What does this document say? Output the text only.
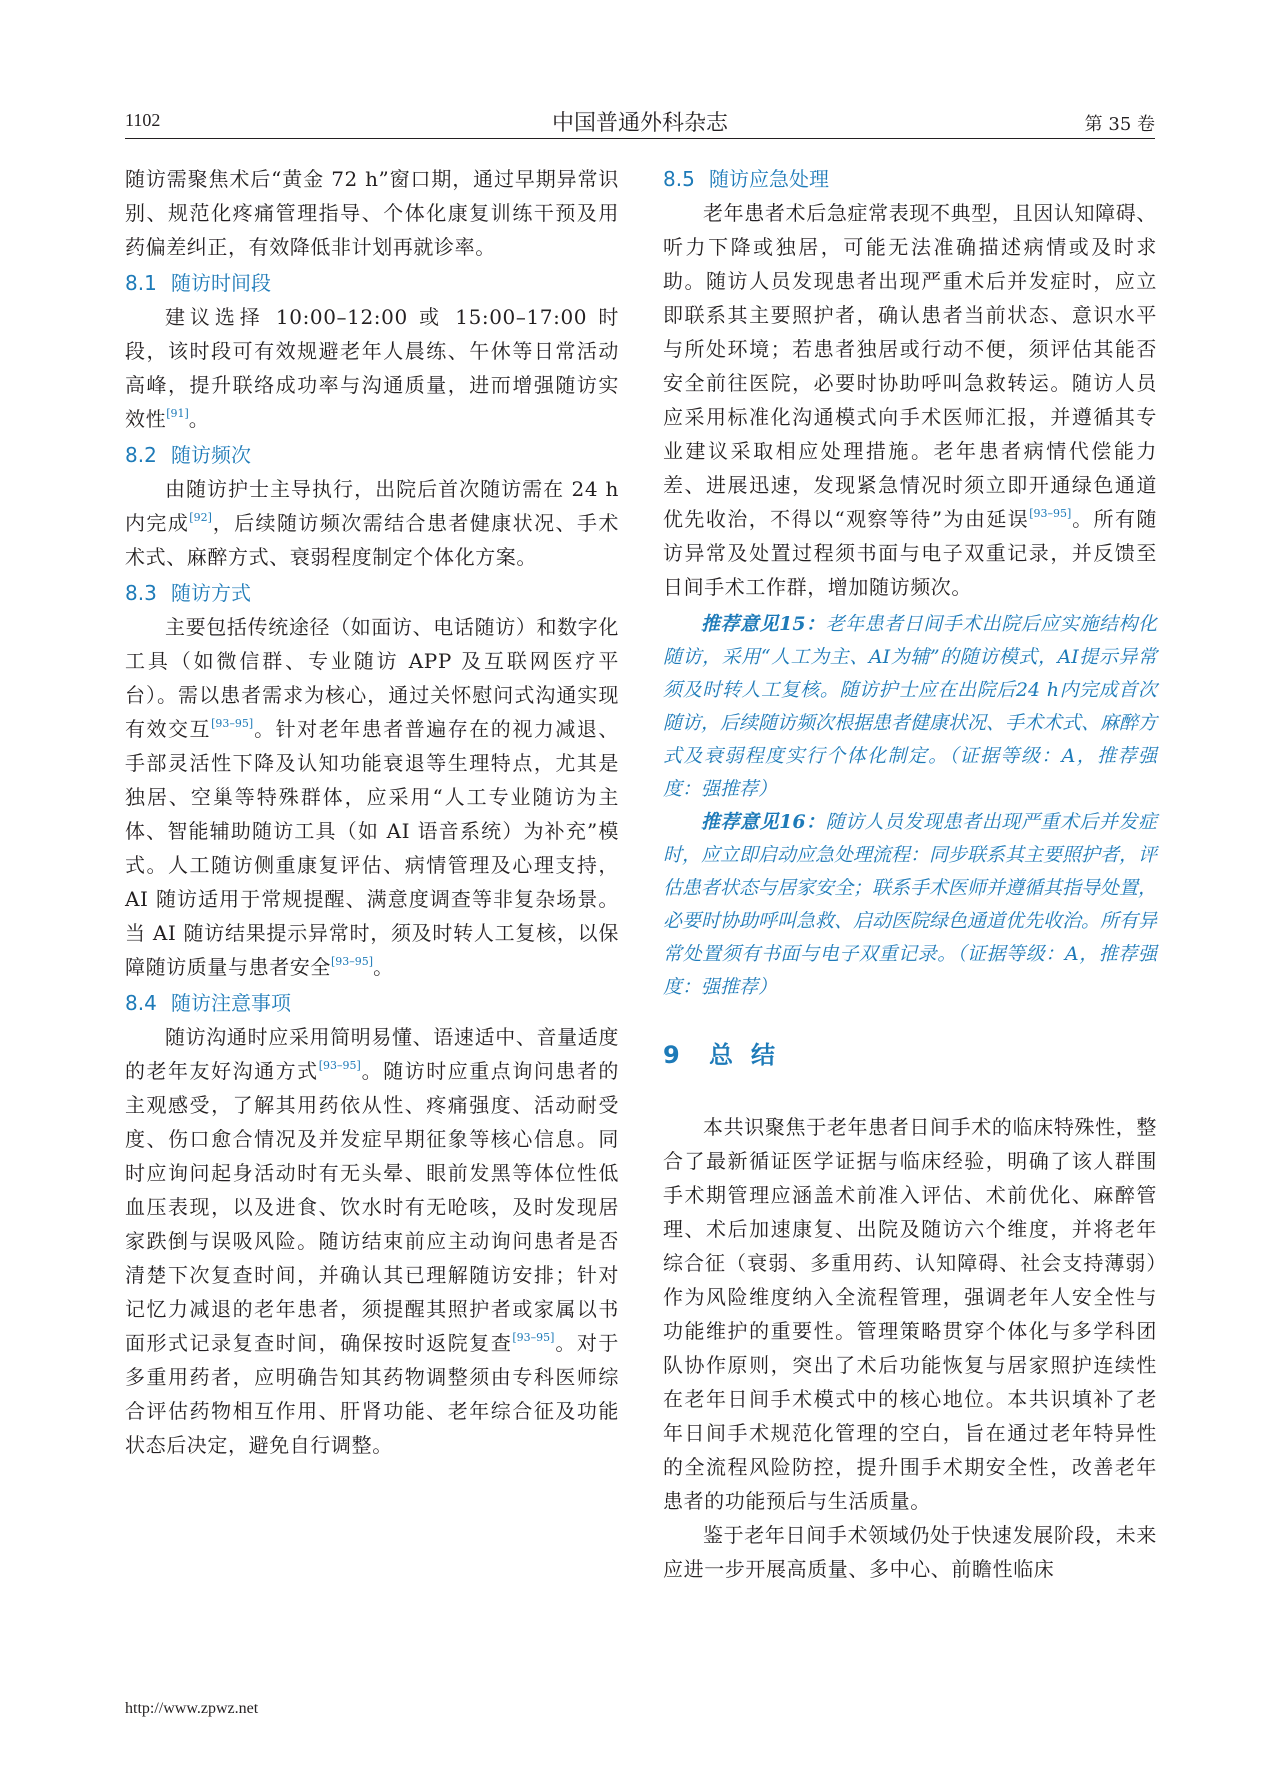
1102	中国普通外科杂志	第 35 卷

随访需聚焦术后“黄金 72 h”窗口期，通过早期异常识别、规范化疼痛管理指导、个体化康复训练干预及用药偏差纠正，有效降低非计划再就诊率。

8.1 随访时间段

建议选择 10:00–12:00 或 15:00–17:00 时段，该时段可有效规避老年人晨练、午休等日常活动高峰，提升联络成功率与沟通质量，进而增强随访实效性[91]。

8.2 随访频次

由随访护士主导执行，出院后首次随访需在 24 h 内完成[92]，后续随访频次需结合患者健康状况、手术术式、麻醉方式、衰弱程度制定个体化方案。

8.3 随访方式

主要包括传统途径（如面访、电话随访）和数字化工具（如微信群、专业随访 APP 及互联网医疗平台）。需以患者需求为核心，通过关怀慰问式沟通实现有效交互[93–95]。针对老年患者普遍存在的视力减退、手部灵活性下降及认知功能衰退等生理特点，尤其是独居、空巢等特殊群体，应采用“人工专业随访为主体、智能辅助随访工具（如 AI 语音系统）为补充”模式。人工随访侧重康复评估、病情管理及心理支持，AI 随访适用于常规提醒、满意度调查等非复杂场景。当 AI 随访结果提示异常时，须及时转人工复核，以保障随访质量与患者安全[93–95]。

8.4 随访注意事项

随访沟通时应采用简明易懂、语速适中、音量适度的老年友好沟通方式[93–95]。随访时应重点询问患者的主观感受，了解其用药依从性、疼痛强度、活动耐受度、伤口愈合情况及并发症早期征象等核心信息。同时应询问起身活动时有无头晕、眼前发黑等体位性低血压表现，以及进食、饮水时有无呛咳，及时发现居家跌倒与误吸风险。随访结束前应主动询问患者是否清楚下次复查时间，并确认其已理解随访安排；针对记忆力减退的老年患者，须提醒其照护者或家属以书面形式记录复查时间，确保按时返院复查[93–95]。对于多重用药者，应明确告知其药物调整须由专科医师综合评估药物相互作用、肝肾功能、老年综合征及功能状态后决定，避免自行调整。

8.5 随访应急处理

老年患者术后急症常表现不典型，且因认知障碍、听力下降或独居，可能无法准确描述病情或及时求助。随访人员发现患者出现严重术后并发症时，应立即联系其主要照护者，确认患者当前状态、意识水平与所处环境；若患者独居或行动不便，须评估其能否安全前往医院，必要时协助呼叫急救转运。随访人员应采用标准化沟通模式向手术医师汇报，并遵循其专业建议采取相应处理措施。老年患者病情代偿能力差、进展迅速，发现紧急情况时须立即开通绿色通道优先收治，不得以“观察等待”为由延误[93–95]。所有随访异常及处置过程须书面与电子双重记录，并反馈至日间手术工作群，增加随访频次。

推荐意见15：老年患者日间手术出院后应实施结构化随访，采用“人工为主、AI为辅”的随访模式，AI提示异常须及时转人工复核。随访护士应在出院后24 h内完成首次随访，后续随访频次根据患者健康状况、手术术式、麻醉方式及衰弱程度实行个体化制定。（证据等级：A，推荐强度：强推荐）

推荐意见16：随访人员发现患者出现严重术后并发症时，应立即启动应急处理流程：同步联系其主要照护者，评估患者状态与居家安全；联系手术医师并遵循其指导处置，必要时协助呼叫急救、启动医院绿色通道优先收治。所有异常处置须有书面与电子双重记录。（证据等级：A，推荐强度：强推荐）

9 总结

本共识聚焦于老年患者日间手术的临床特殊性，整合了最新循证医学证据与临床经验，明确了该人群围手术期管理应涵盖术前准入评估、术前优化、麻醉管理、术后加速康复、出院及随访六个维度，并将老年综合征（衰弱、多重用药、认知障碍、社会支持薄弱）作为风险维度纳入全流程管理，强调老年人安全性与功能维护的重要性。管理策略贯穿个体化与多学科团队协作原则，突出了术后功能恢复与居家照护连续性在老年日间手术模式中的核心地位。本共识填补了老年日间手术规范化管理的空白，旨在通过老年特异性的全流程风险防控，提升围手术期安全性，改善老年患者的功能预后与生活质量。

鉴于老年日间手术领域仍处于快速发展阶段，未来应进一步开展高质量、多中心、前瞻性临床

http://www.zpwz.net
